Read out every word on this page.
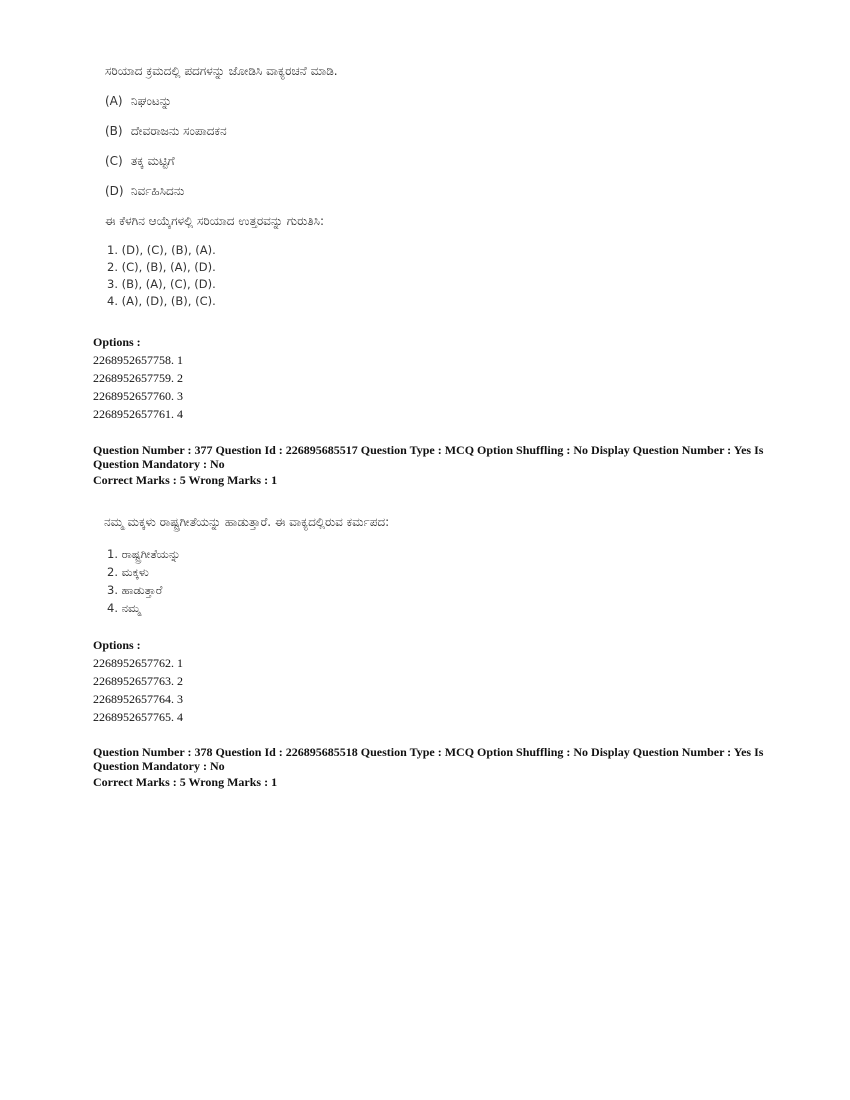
ಸರಿಯಾದ ಕ್ರಮದಲ್ಲಿ ಪದಗಳನ್ನು ಜೋಡಿಸಿ ವಾಕ್ಯರಚನೆ ಮಾಡಿ.
(A) ನಿಘಂಟನ್ನು
(B) ದೇವರಾಜನು ಸಂಪಾದಕನ
(C) ತಕ್ಕ ಮಟ್ಟಿಗೆ
(D) ನಿರ್ವಹಿಸಿದನು
ಈ ಕೆಳಗಿನ ಆಯ್ಕೆಗಳಲ್ಲಿ ಸರಿಯಾದ ಉತ್ತರವನ್ನು ಗುರುತಿಸಿ:
1. (D), (C), (B), (A).
2. (C), (B), (A), (D).
3. (B), (A), (C), (D).
4. (A), (D), (B), (C).
Options :
2268952657758. 1
2268952657759. 2
2268952657760. 3
2268952657761. 4
Question Number : 377 Question Id : 226895685517 Question Type : MCQ Option Shuffling : No Display Question Number : Yes Is Question Mandatory : No
Correct Marks : 5 Wrong Marks : 1
ನಮ್ಮ ಮಕ್ಕಳು ರಾಷ್ಟ್ರಗೀತೆಯನ್ನು ಹಾಡುತ್ತಾರೆ. ಈ ವಾಕ್ಯದಲ್ಲಿರುವ ಕರ್ಮಪದ:
1. ರಾಷ್ಟ್ರಗೀತೆಯನ್ನು
2. ಮಕ್ಕಳು
3. ಹಾಡುತ್ತಾರೆ
4. ನಮ್ಮ
Options :
2268952657762. 1
2268952657763. 2
2268952657764. 3
2268952657765. 4
Question Number : 378 Question Id : 226895685518 Question Type : MCQ Option Shuffling : No Display Question Number : Yes Is Question Mandatory : No
Correct Marks : 5 Wrong Marks : 1
